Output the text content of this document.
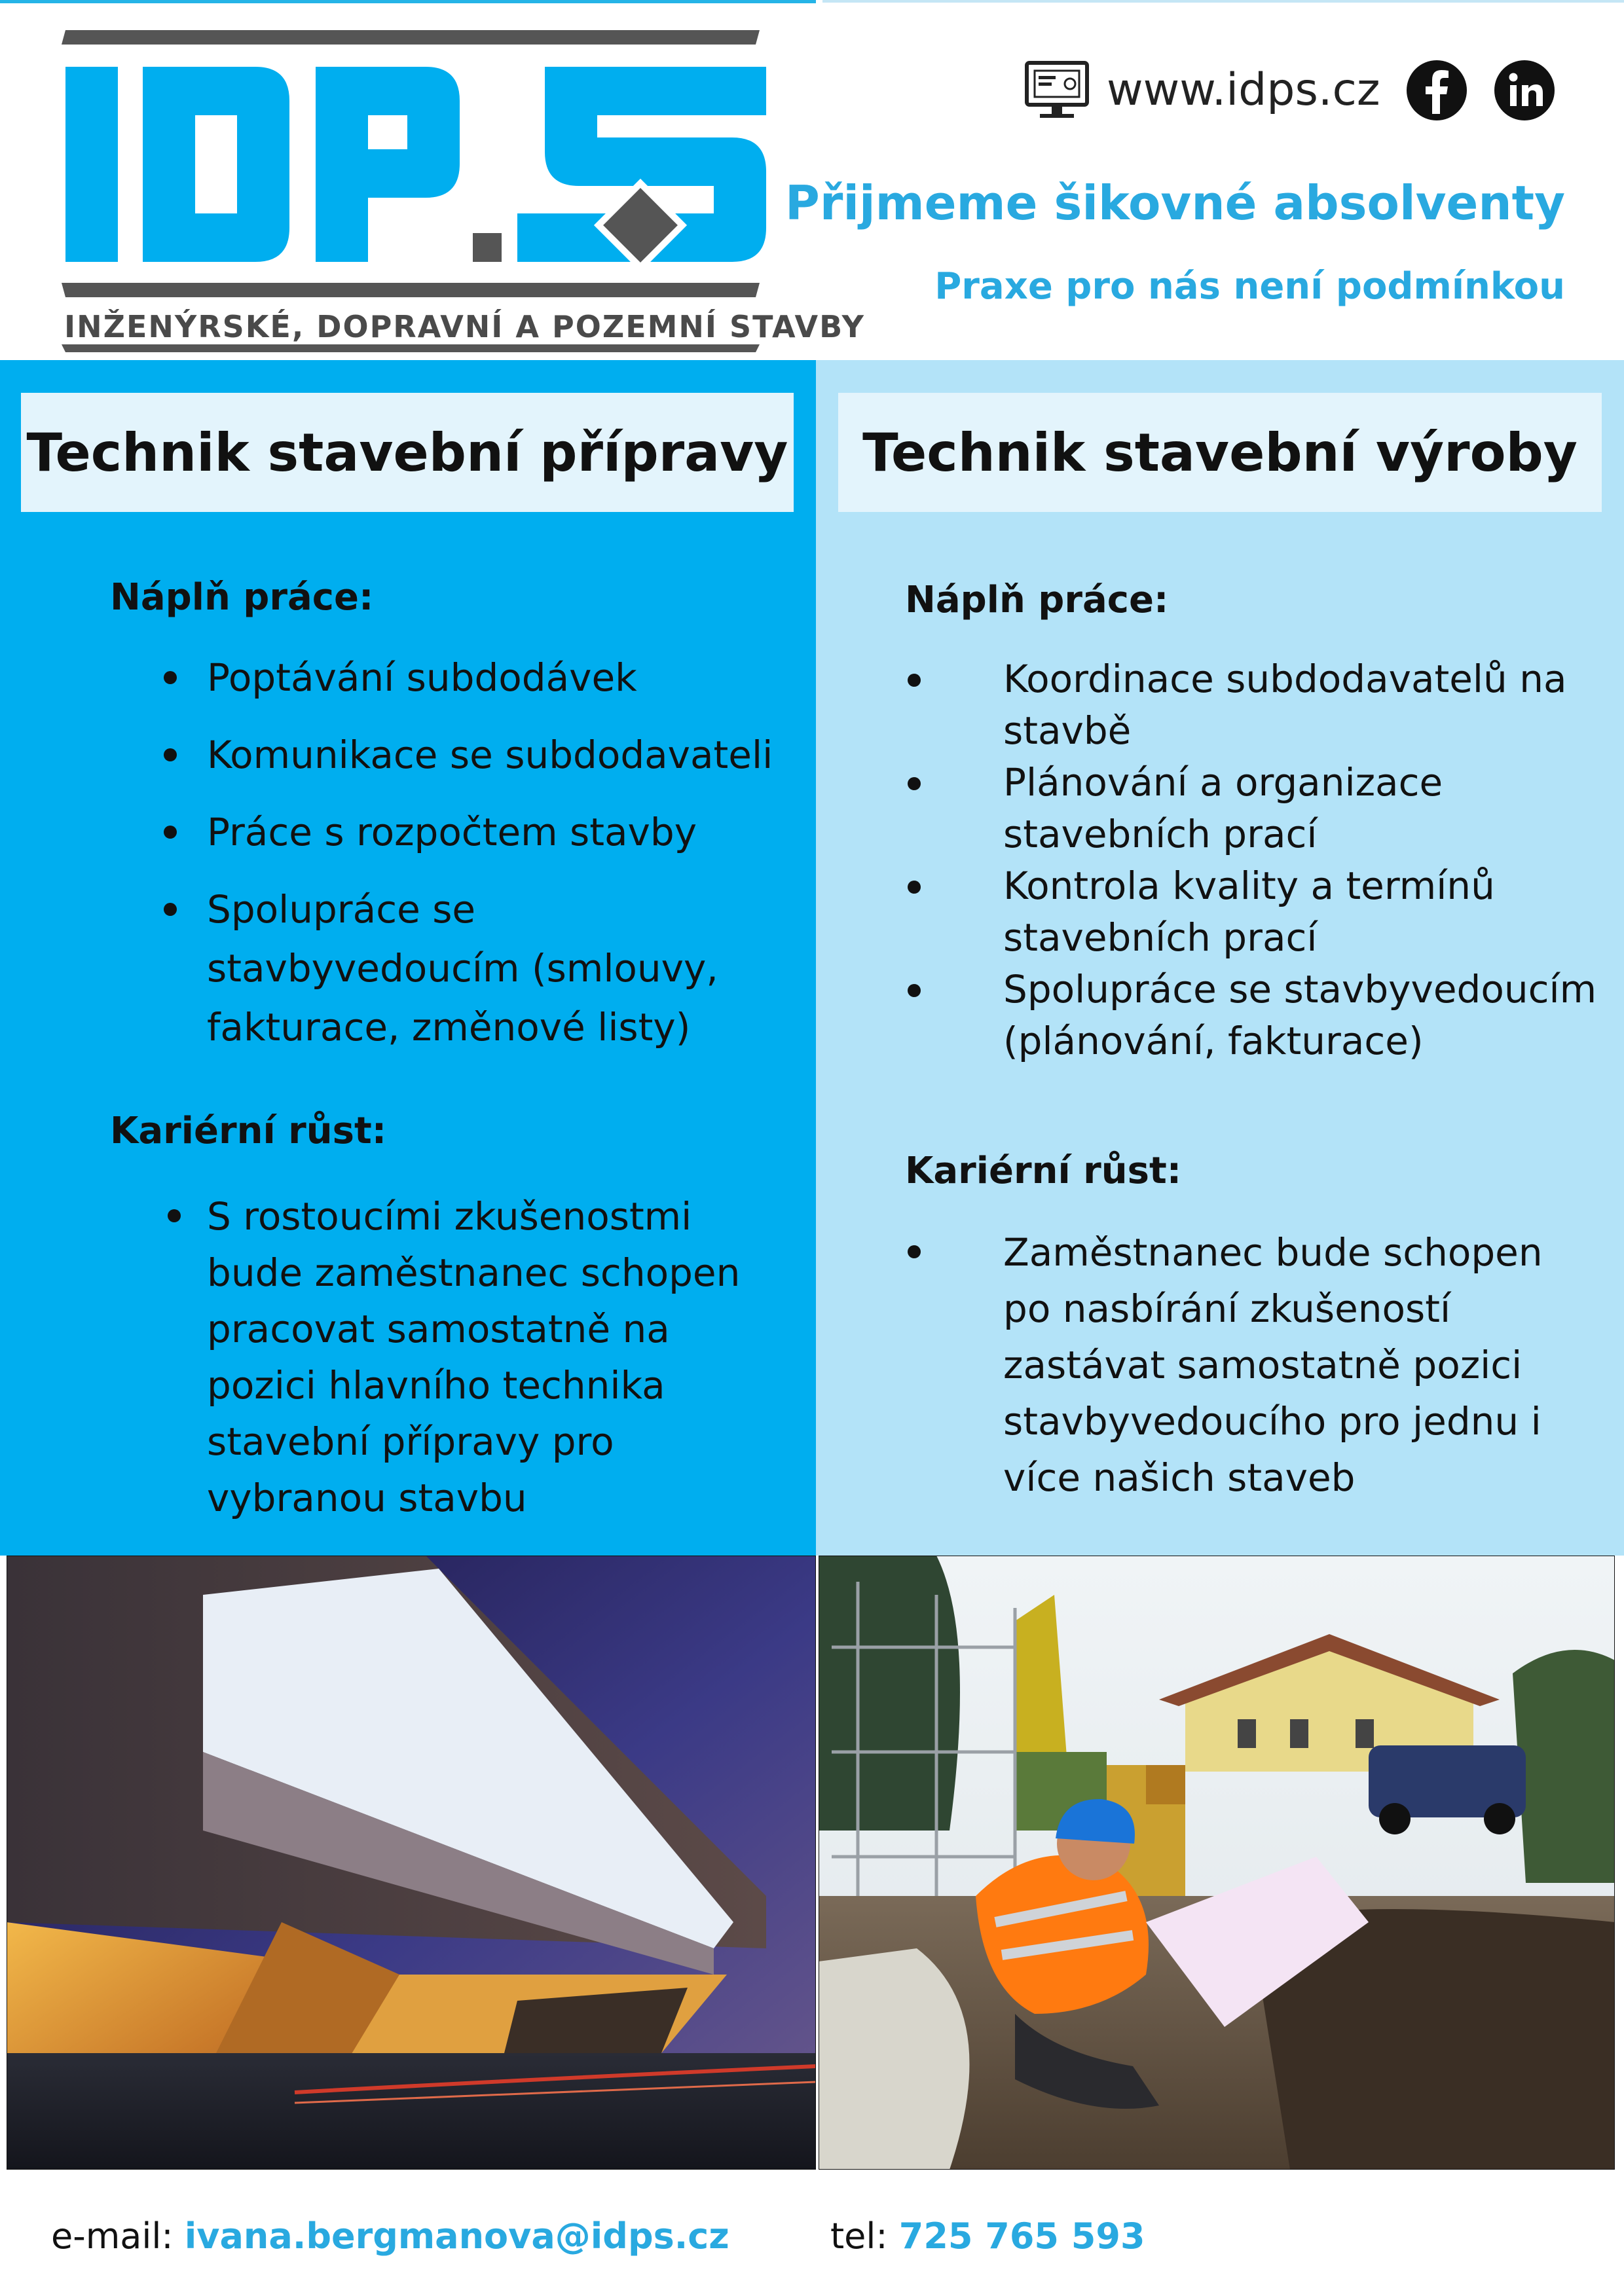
INŽENÝRSKÉ, DOPRAVNÍ A POZEMNÍ STAVBY
www.idps.cz
Přijmeme šikovné absolventy
Praxe pro nás není podmínkou
Technik stavební přípravy
Náplň práce:
Poptávání subdodávek
Komunikace se subdodavateli
Práce s rozpočtem stavby
Spolupráce se stavbyvedoucím (smlouvy, fakturace, změnové listy)
Kariérní růst:
S rostoucími zkušenostmi bude zaměstnanec schopen pracovat samostatně na pozici hlavního technika stavební přípravy pro vybranou stavbu
Technik stavební výroby
Náplň práce:
Koordinace subdodavatelů na stavbě
Plánování a organizace stavebních prací
Kontrola kvality a termínů stavebních prací
Spolupráce se stavbyvedoucím (plánování, fakturace)
Kariérní růst:
Zaměstnanec bude schopen po nasbírání zkušeností zastávat samostatně pozici stavbyvedoucího pro jednu i více našich staveb
e-mail: ivana.bergmanova@idps.cz	tel: 725 765 593
